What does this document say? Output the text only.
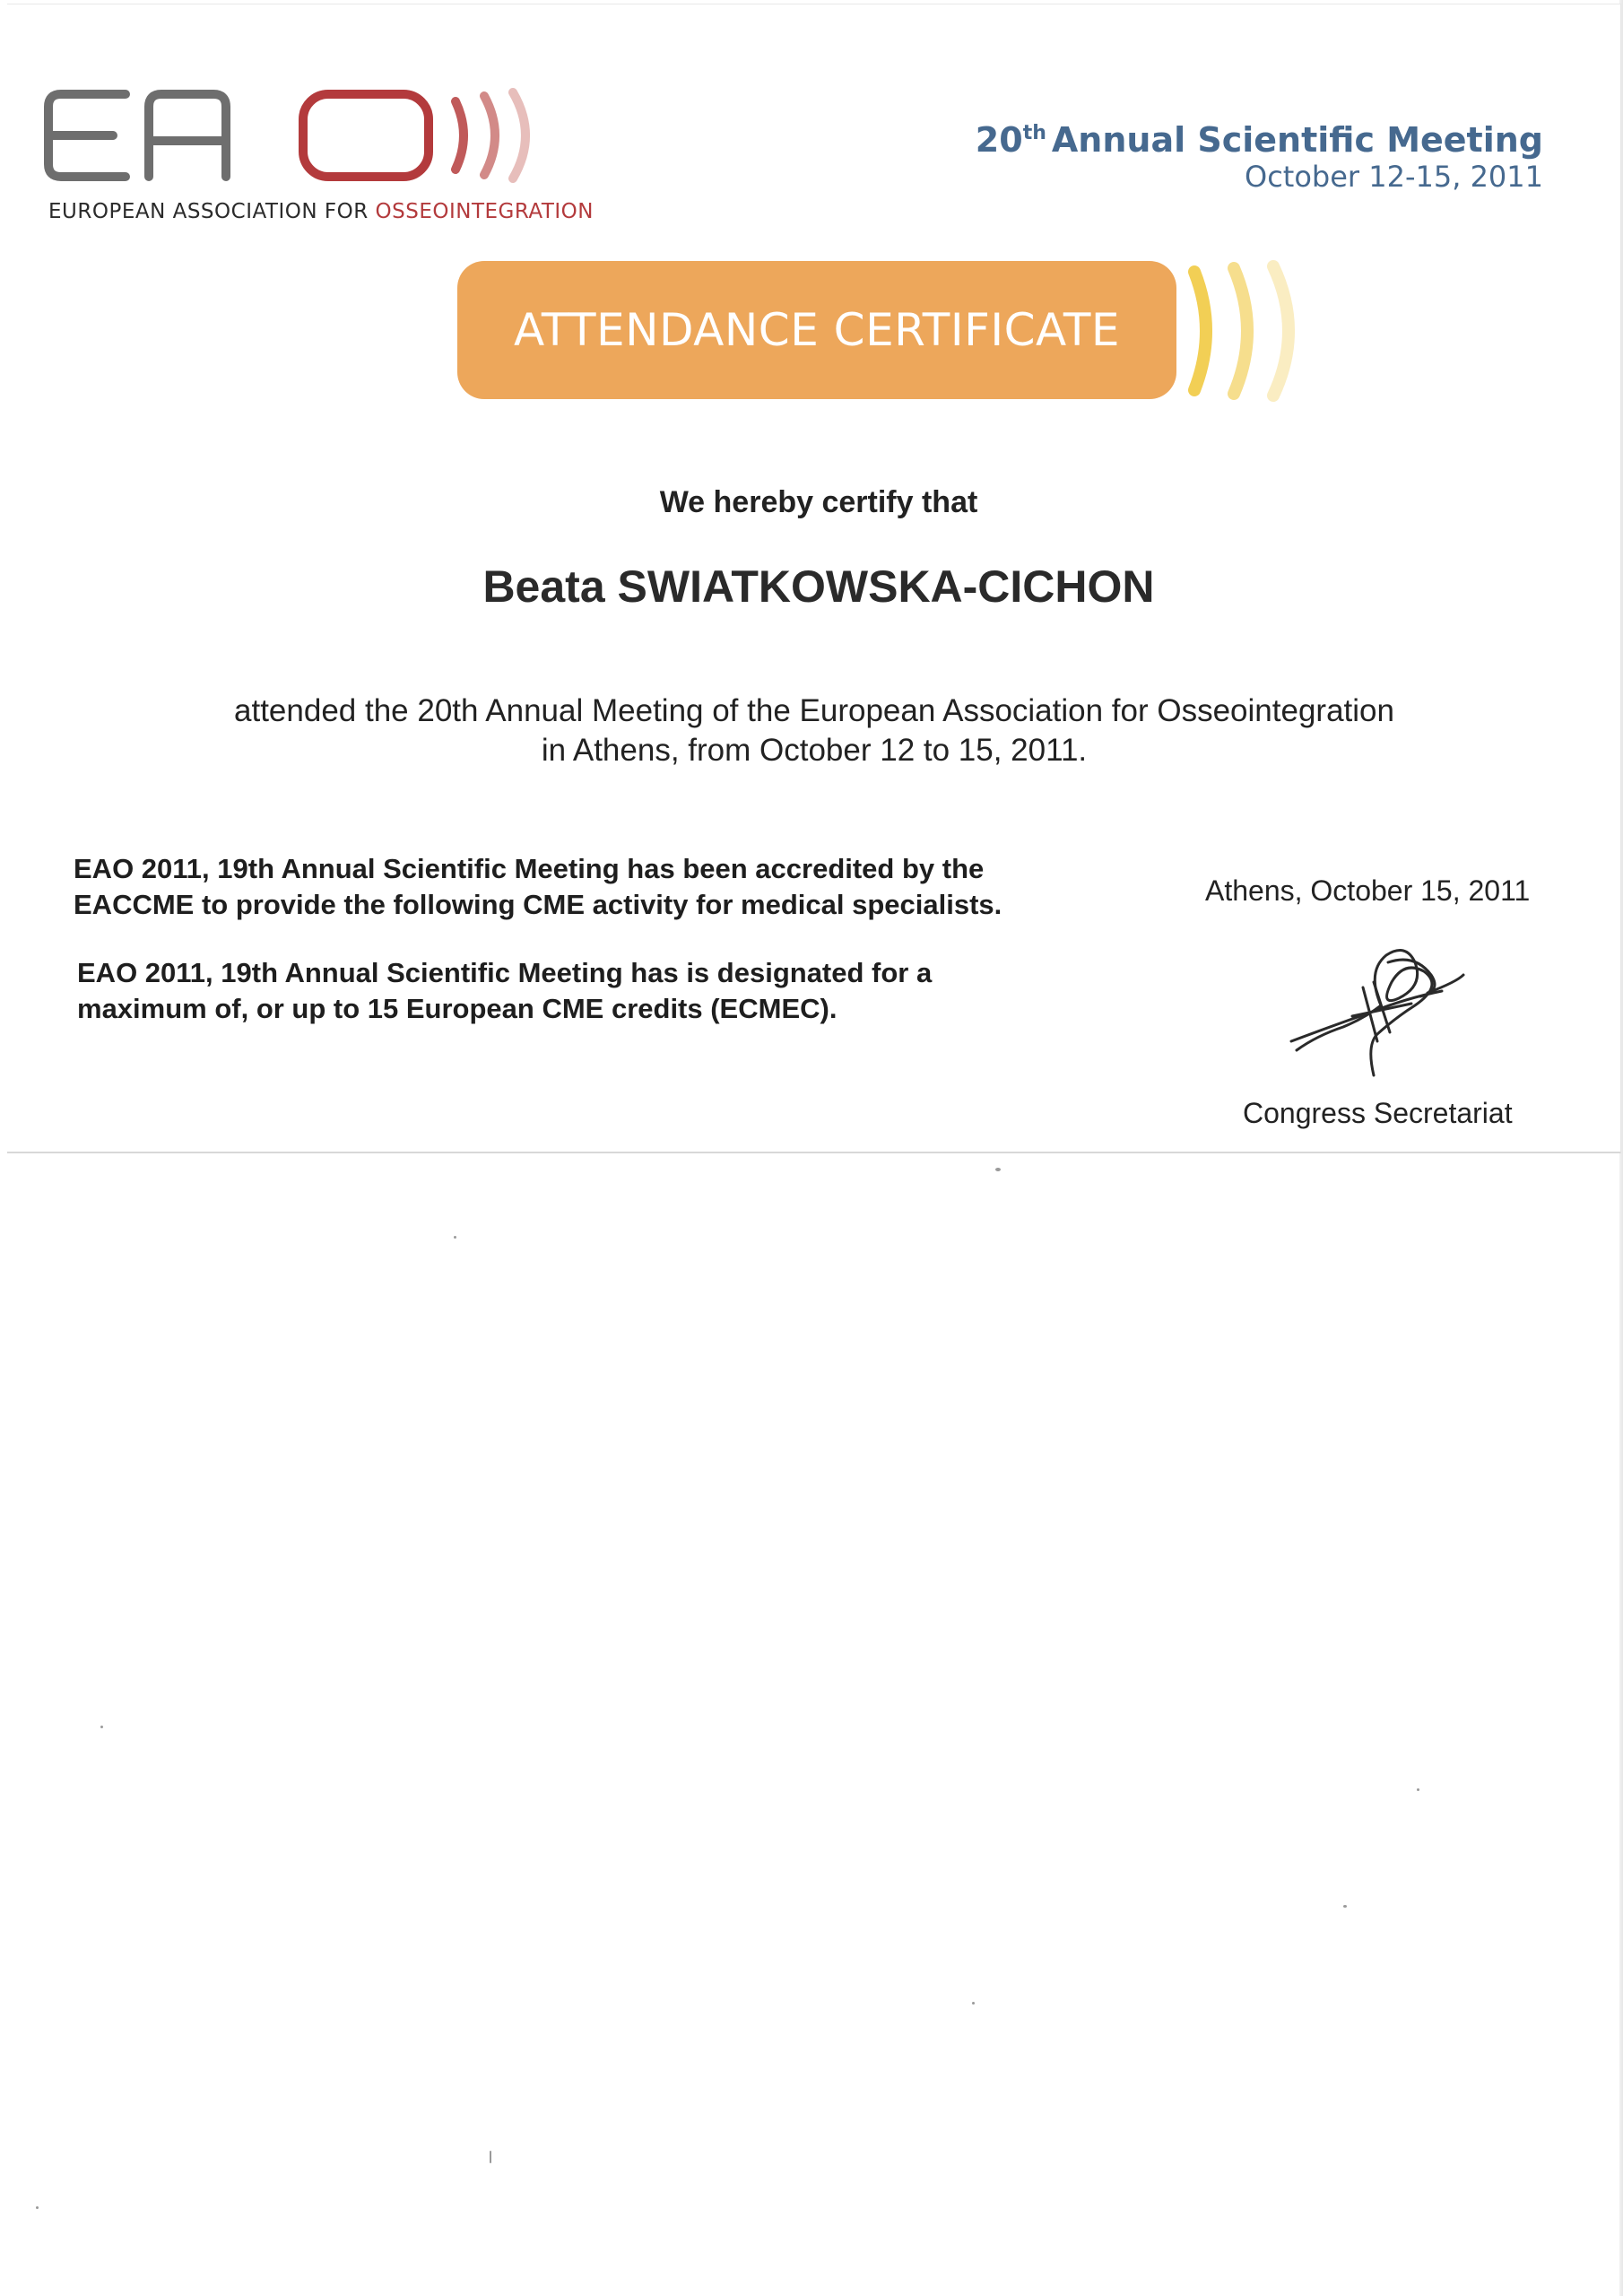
EUROPEAN ASSOCIATION FOR OSSEOINTEGRATION
20th Annual Scientific Meeting
October 12-15, 2011
ATTENDANCE CERTIFICATE
We hereby certify that
Beata SWIATKOWSKA-CICHON
attended the 20th Annual Meeting of the European Association for Osseointegration
in Athens, from October 12 to 15, 2011.
EAO 2011, 19th Annual Scientific Meeting has been accredited by the
EACCME to provide the following CME activity for medical specialists.
EAO 2011, 19th Annual Scientific Meeting has is designated for a
maximum of, or up to 15 European CME credits (ECMEC).
Athens, October 15, 2011
Congress Secretariat
